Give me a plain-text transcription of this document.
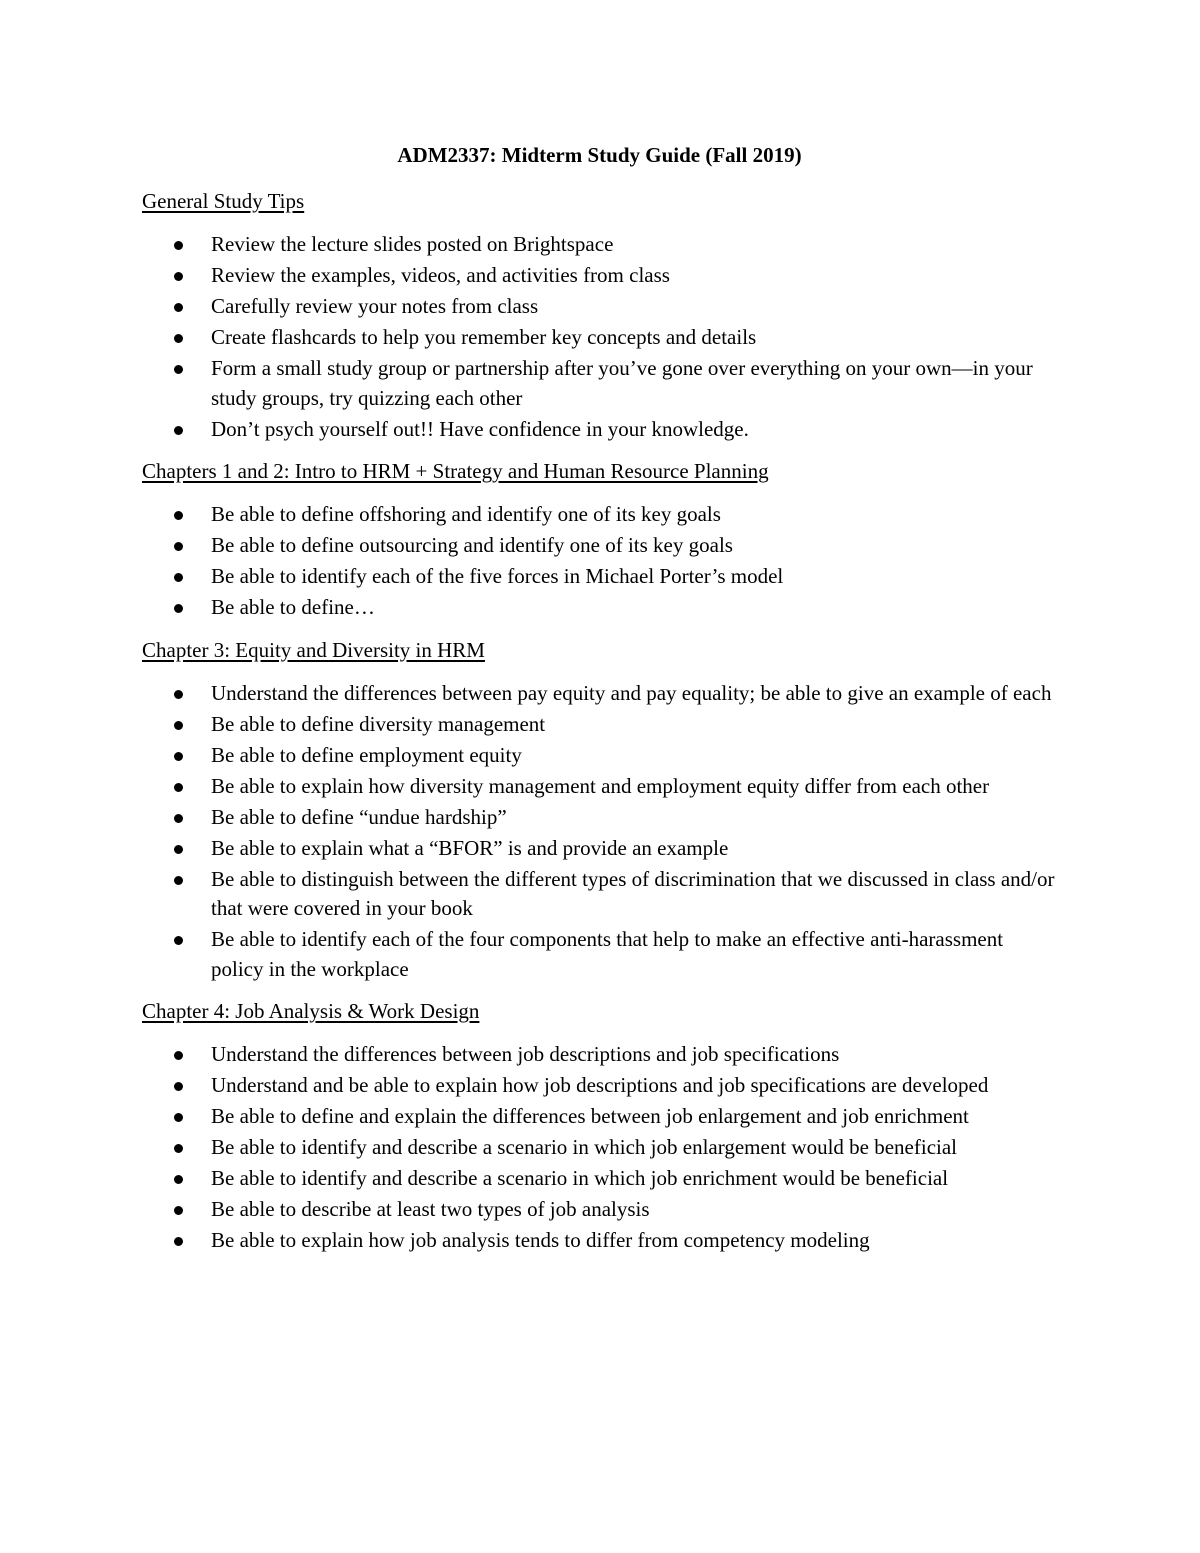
ADM2337: Midterm Study Guide (Fall 2019)
General Study Tips
Review the lecture slides posted on Brightspace
Review the examples, videos, and activities from class
Carefully review your notes from class
Create flashcards to help you remember key concepts and details
Form a small study group or partnership after you’ve gone over everything on your own—in your study groups, try quizzing each other
Don’t psych yourself out!! Have confidence in your knowledge.
Chapters 1 and 2: Intro to HRM + Strategy and Human Resource Planning
Be able to define offshoring and identify one of its key goals
Be able to define outsourcing and identify one of its key goals
Be able to identify each of the five forces in Michael Porter’s model
Be able to define…
Chapter 3: Equity and Diversity in HRM
Understand the differences between pay equity and pay equality; be able to give an example of each
Be able to define diversity management
Be able to define employment equity
Be able to explain how diversity management and employment equity differ from each other
Be able to define “undue hardship”
Be able to explain what a “BFOR” is and provide an example
Be able to distinguish between the different types of discrimination that we discussed in class and/or that were covered in your book
Be able to identify each of the four components that help to make an effective anti-harassment policy in the workplace
Chapter 4: Job Analysis & Work Design
Understand the differences between job descriptions and job specifications
Understand and be able to explain how job descriptions and job specifications are developed
Be able to define and explain the differences between job enlargement and job enrichment
Be able to identify and describe a scenario in which job enlargement would be beneficial
Be able to identify and describe a scenario in which job enrichment would be beneficial
Be able to describe at least two types of job analysis
Be able to explain how job analysis tends to differ from competency modeling
